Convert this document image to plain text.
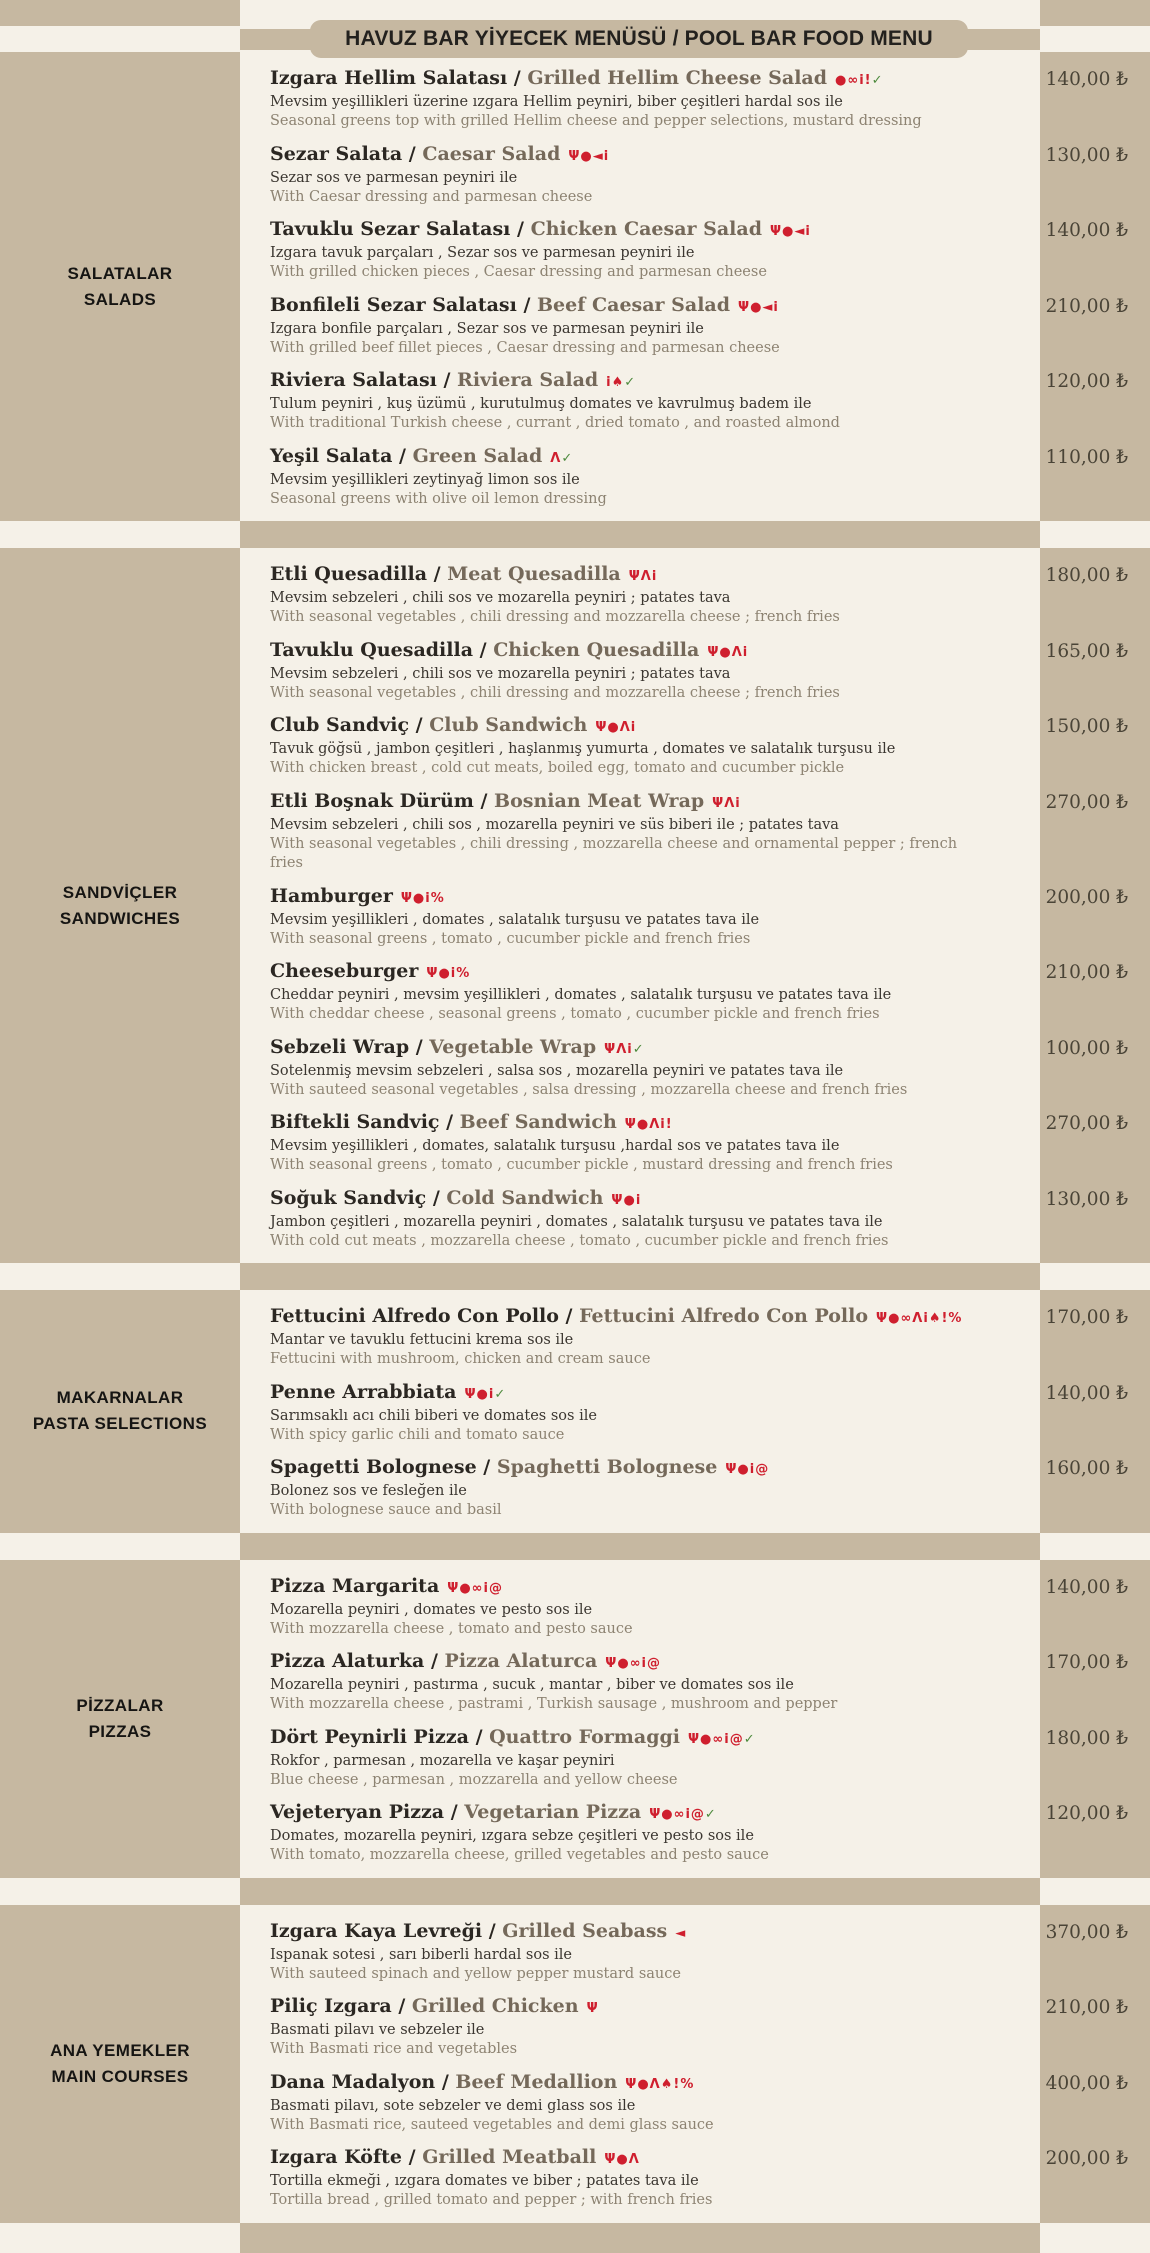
HAVUZ BAR YİYECEK MENÜSÜ / POOL BAR FOOD MENU
SALATALAR
SALADS
Izgara Hellim Salatası / Grilled Hellim Cheese Salad ●∞i!✓
Mevsim yeşillikleri üzerine ızgara Hellim peyniri, biber çeşitleri hardal sos ile
Seasonal greens top with grilled Hellim cheese and pepper selections, mustard dressing
140,00 ₺
Sezar Salata / Caesar Salad Ψ●◄i
Sezar sos ve parmesan peyniri ile
With Caesar dressing and parmesan cheese
130,00 ₺
Tavuklu Sezar Salatası / Chicken Caesar Salad Ψ●◄i
Izgara tavuk parçaları , Sezar sos ve parmesan peyniri ile
With grilled chicken pieces , Caesar dressing and parmesan cheese
140,00 ₺
Bonfileli Sezar Salatası / Beef Caesar Salad Ψ●◄i
Izgara bonfile parçaları , Sezar sos ve parmesan peyniri ile
With grilled beef fillet pieces , Caesar dressing and parmesan cheese
210,00 ₺
Riviera Salatası / Riviera Salad i♠✓
Tulum peyniri , kuş üzümü , kurutulmuş domates ve kavrulmuş badem ile
With traditional Turkish cheese , currant , dried tomato , and roasted almond
120,00 ₺
Yeşil Salata / Green Salad Λ✓
Mevsim yeşillikleri zeytinyağ limon sos ile
Seasonal greens with olive oil lemon dressing
110,00 ₺
SANDVİÇLER
SANDWICHES
Etli Quesadilla / Meat Quesadilla ΨΛi
Mevsim sebzeleri , chili sos ve mozarella peyniri ; patates tava
With seasonal vegetables , chili dressing and mozzarella cheese ; french fries
180,00 ₺
Tavuklu Quesadilla / Chicken Quesadilla Ψ●Λi
Mevsim sebzeleri , chili sos ve mozarella peyniri ; patates tava
With seasonal vegetables , chili dressing and mozzarella cheese ; french fries
165,00 ₺
Club Sandviç / Club Sandwich Ψ●Λi
Tavuk göğsü , jambon çeşitleri , haşlanmış yumurta , domates ve salatalık turşusu ile
With chicken breast , cold cut meats, boiled egg, tomato and cucumber pickle
150,00 ₺
Etli Boşnak Dürüm / Bosnian Meat Wrap ΨΛi
Mevsim sebzeleri , chili sos , mozarella peyniri ve süs biberi ile ; patates tava
With seasonal vegetables , chili dressing , mozzarella cheese and ornamental pepper ; french fries
270,00 ₺
Hamburger Ψ●i%
Mevsim yeşillikleri , domates , salatalık turşusu ve patates tava ile
With seasonal greens , tomato , cucumber pickle and french fries
200,00 ₺
Cheeseburger Ψ●i%
Cheddar peyniri , mevsim yeşillikleri , domates , salatalık turşusu ve patates tava ile
With cheddar cheese , seasonal greens , tomato , cucumber pickle and french fries
210,00 ₺
Sebzeli Wrap / Vegetable Wrap ΨΛi✓
Sotelenmiş mevsim sebzeleri , salsa sos , mozarella peyniri ve patates tava ile
With sauteed seasonal vegetables , salsa dressing , mozzarella cheese and french fries
100,00 ₺
Biftekli Sandviç / Beef Sandwich Ψ●Λi!
Mevsim yeşillikleri , domates, salatalık turşusu ,hardal sos ve patates tava ile
With seasonal greens , tomato , cucumber pickle , mustard dressing and french fries
270,00 ₺
Soğuk Sandviç / Cold Sandwich Ψ●i
Jambon çeşitleri , mozarella peyniri , domates , salatalık turşusu ve patates tava ile
With cold cut meats , mozzarella cheese , tomato , cucumber pickle and french fries
130,00 ₺
MAKARNALAR
PASTA SELECTIONS
Fettucini Alfredo Con Pollo / Fettucini Alfredo Con Pollo Ψ●∞Λi♠!%
Mantar ve tavuklu fettucini krema sos ile
Fettucini with mushroom, chicken and cream sauce
170,00 ₺
Penne Arrabbiata Ψ●i✓
Sarımsaklı acı chili biberi ve domates sos ile
With spicy garlic chili and tomato sauce
140,00 ₺
Spagetti Bolognese / Spaghetti Bolognese Ψ●i@
Bolonez sos ve fesleğen ile
With bolognese sauce and basil
160,00 ₺
PİZZALAR
PIZZAS
Pizza Margarita Ψ●∞i@
Mozarella peyniri , domates ve pesto sos ile
With mozzarella cheese , tomato and pesto sauce
140,00 ₺
Pizza Alaturka / Pizza Alaturca Ψ●∞i@
Mozarella peyniri , pastırma , sucuk , mantar , biber ve domates sos ile
With mozzarella cheese , pastrami , Turkish sausage , mushroom and pepper
170,00 ₺
Dört Peynirli Pizza / Quattro Formaggi Ψ●∞i@✓
Rokfor , parmesan , mozarella ve kaşar peyniri
Blue cheese , parmesan , mozzarella and yellow cheese
180,00 ₺
Vejeteryan Pizza / Vegetarian Pizza Ψ●∞i@✓
Domates, mozarella peyniri, ızgara sebze çeşitleri ve pesto sos ile
With tomato, mozzarella cheese, grilled vegetables and pesto sauce
120,00 ₺
ANA YEMEKLER
MAIN COURSES
Izgara Kaya Levreği / Grilled Seabass ◄
Ispanak sotesi , sarı biberli hardal sos ile
With sauteed spinach and yellow pepper mustard sauce
370,00 ₺
Piliç Izgara / Grilled Chicken Ψ
Basmati pilavı ve sebzeler ile
With Basmati rice and vegetables
210,00 ₺
Dana Madalyon / Beef Medallion Ψ●Λ♠!%
Basmati pilavı, sote sebzeler ve demi glass sos ile
With Basmati rice, sauteed vegetables and demi glass sauce
400,00 ₺
Izgara Köfte / Grilled Meatball Ψ●Λ
Tortilla ekmeği , ızgara domates ve biber ; patates tava ile
Tortilla bread , grilled tomato and pepper ; with french fries
200,00 ₺
